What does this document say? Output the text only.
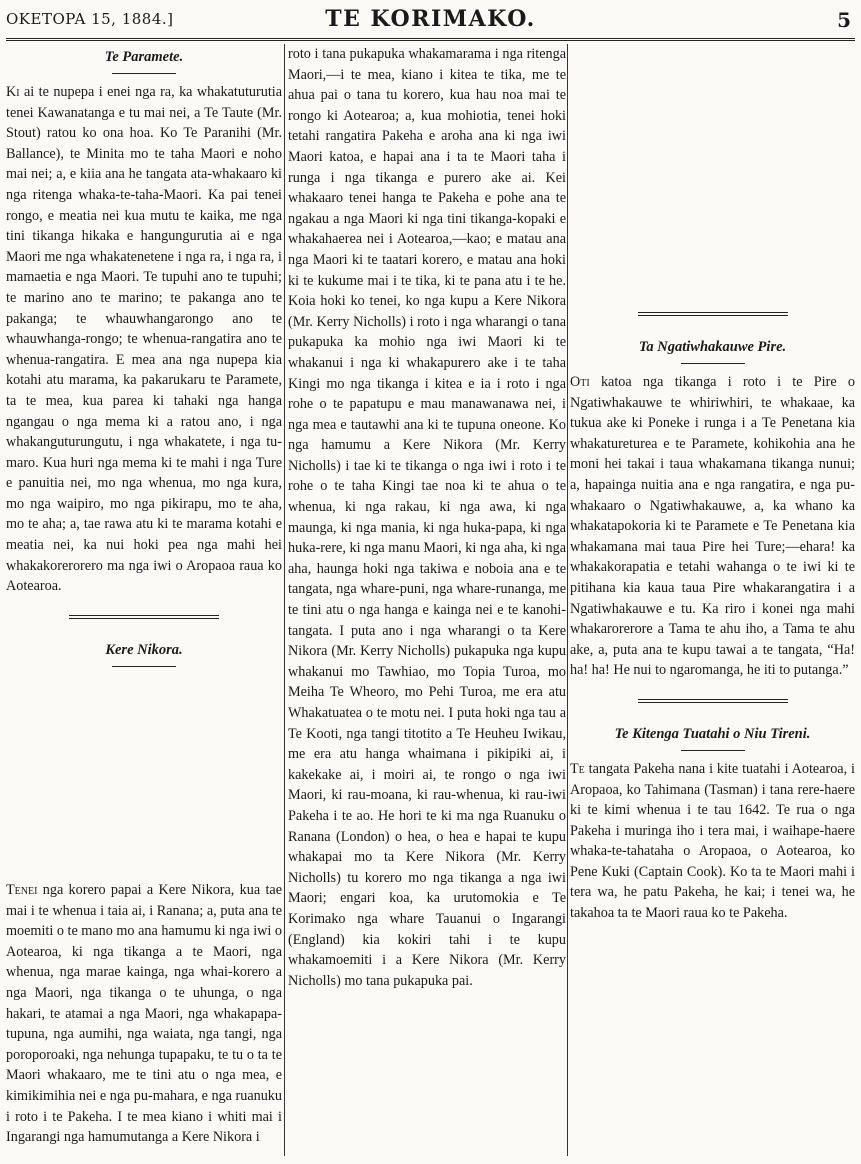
OKETOPA 15, 1884.]	TE KORIMAKO.	5
Te Paramete.

Ki ai te nupepa i enei nga ra, ka whakatuturutia tenei Kawanatanga e tu mai nei, a Te Taute (Mr. Stout) ratou ko ona hoa. Ko Te Paranihi (Mr. Ballance), te Minita mo te taha Maori e noho mai nei; a, e kiia ana he tangata ata-whakaaro ki nga ritenga whaka-te-taha-Maori. Ka pai tenei rongo, e meatia nei kua mutu te kaika, me nga tini tikanga hikaka e hangungurutia ai e nga Maori me nga whakatenetene i nga ra, i nga ra, i mamaetia e nga Maori. Te tupuhi ano te tupuhi; te marino ano te marino; te pakanga ano te pakanga; te whauwhangarongo ano te whauwhanga-rongo; te whenua-rangatira ano te whenua-rangatira. E mea ana nga nupepa kia kotahi atu marama, ka pakarukaru te Paramete, ta te mea, kua parea ki tahaki nga hanga ngangau o nga mema ki a ratou ano, i nga whakanguturungutu, i nga whakatete, i nga tu-maro. Kua huri nga mema ki te mahi i nga Ture e panuitia nei, mo nga whenua, mo nga kura, mo nga waipiro, mo nga pikirapu, mo te aha, mo te aha; a, tae rawa atu ki te marama kotahi e meatia nei, ka nui hoki pea nga mahi hei whakakorerorero ma nga iwi o Aropaoa raua ko Aotearoa.

Kere Nikora.

Tenei nga korero papai a Kere Nikora, kua tae mai i te whenua i taia ai, i Ranana; a, puta ana te moemiti o te mano mo ana hamumu ki nga iwi o Aotearoa, ki nga tikanga a te Maori, nga whenua, nga marae kainga, nga whai-korero a nga Maori, nga tikanga o te uhunga, o nga hakari, te atamai a nga Maori, nga whakapapa-tupuna, nga aumihi, nga waiata, nga tangi, nga poroporoaki, nga nehunga tupapaku, te tu o ta te Maori whakaaro, me te tini atu o nga mea, e kimikimihia nei e nga pu-mahara, e nga ruanuku i roto i te Pakeha. I te mea kiano i whiti mai i Ingarangi nga hamumutanga a Kere Nikora i

roto i tana pukapuka whakamarama i nga ritenga Maori,—i te mea, kiano i kitea te tika, me te ahua pai o tana tu korero, kua hau noa mai te rongo ki Aotearoa; a, kua mohiotia, tenei hoki tetahi rangatira Pakeha e aroha ana ki nga iwi Maori katoa, e hapai ana i ta te Maori taha i runga i nga tikanga e purero ake ai. Kei whakaaro tenei hanga te Pakeha e pohe ana te ngakau a nga Maori ki nga tini tikanga-kopaki e whakahaerea nei i Aotearoa,—kao; e matau ana nga Maori ki te taatari korero, e matau ana hoki ki te kukume mai i te tika, ki te pana atu i te he. Koia hoki ko tenei, ko nga kupu a Kere Nikora (Mr. Kerry Nicholls) i roto i nga wharangi o tana pukapuka ka mohio nga iwi Maori ki te whakanui i nga ki whakapurero ake i te taha Kingi mo nga tikanga i kitea e ia i roto i nga rohe o te papatupu e mau manawanawa nei, i nga mea e tautawhi ana ki te tupuna oneone. Ko nga hamumu a Kere Nikora (Mr. Kerry Nicholls) i tae ki te tikanga o nga iwi i roto i te rohe o te taha Kingi tae noa ki te ahua o te whenua, ki nga rakau, ki nga awa, ki nga maunga, ki nga mania, ki nga huka-papa, ki nga huka-rere, ki nga manu Maori, ki nga aha, ki nga aha, haunga hoki nga takiwa e noboia ana e te tangata, nga whare-puni, nga whare-runanga, me te tini atu o nga hanga e kainga nei e te kanohi-tangata. I puta ano i nga wharangi o ta Kere Nikora (Mr. Kerry Nicholls) pukapuka nga kupu whakanui mo Tawhiao, mo Topia Turoa, mo Meiha Te Wheoro, mo Pehi Turoa, me era atu Whakatuatea o te motu nei. I puta hoki nga tau a Te Kooti, nga tangi titotito a Te Heuheu Iwikau, me era atu hanga whaimana i pikipiki ai, i kakekake ai, i moiri ai, te rongo o nga iwi Maori, ki rau-moana, ki rau-whenua, ki rau-iwi Pakeha i te ao. He hori te ki ma nga Ruanuku o Ranana (London) o hea, o hea e hapai te kupu whakapai mo ta Kere Nikora (Mr. Kerry Nicholls) tu korero mo nga tikanga a nga iwi Maori; engari koa, ka urutomokia e Te Korimako nga whare Tauanui o Ingarangi (England) kia kokiri tahi i te kupu whakamoemiti i a Kere Nikora (Mr. Kerry Nicholls) mo tana pukapuka pai.

Ta Ngatiwhakauwe Pire.

Oti katoa nga tikanga i roto i te Pire o Ngatiwhakauwe te whiriwhiri, te whakaae, ka tukua ake ki Poneke i runga i a Te Penetana kia whakatureturea e te Paramete, kohikohia ana he moni hei takai i taua whakamana tikanga nunui; a, hapainga nuitia ana e nga rangatira, e nga pu-whakaaro o Ngatiwhakauwe, a, ka whano ka whakatapokoria ki te Paramete e Te Penetana kia whakamana mai taua Pire hei Ture;—ehara! ka whakakorapatia e tetahi wahanga o te iwi ki te pitihana kia kaua taua Pire whakarangatira i a Ngatiwhakauwe e tu. Ka riro i konei nga mahi whakarorerore a Tama te ahu iho, a Tama te ahu ake, a, puta ana te kupu tawai a te tangata, “Ha! ha! ha! He nui to ngaromanga, he iti to putanga.”

Te Kitenga Tuatahi o Niu Tireni.

Te tangata Pakeha nana i kite tuatahi i Aotearoa, i Aropaoa, ko Tahimana (Tasman) i tana rere-haere ki te kimi whenua i te tau 1642. Te rua o nga Pakeha i muringa iho i tera mai, i waihape-haere whaka-te-tahataha o Aropaoa, o Aotearoa, ko Pene Kuki (Captain Cook). Ko ta te Maori mahi i tera wa, he patu Pakeha, he kai; i tenei wa, he takahoa ta te Maori raua ko te Pakeha.
